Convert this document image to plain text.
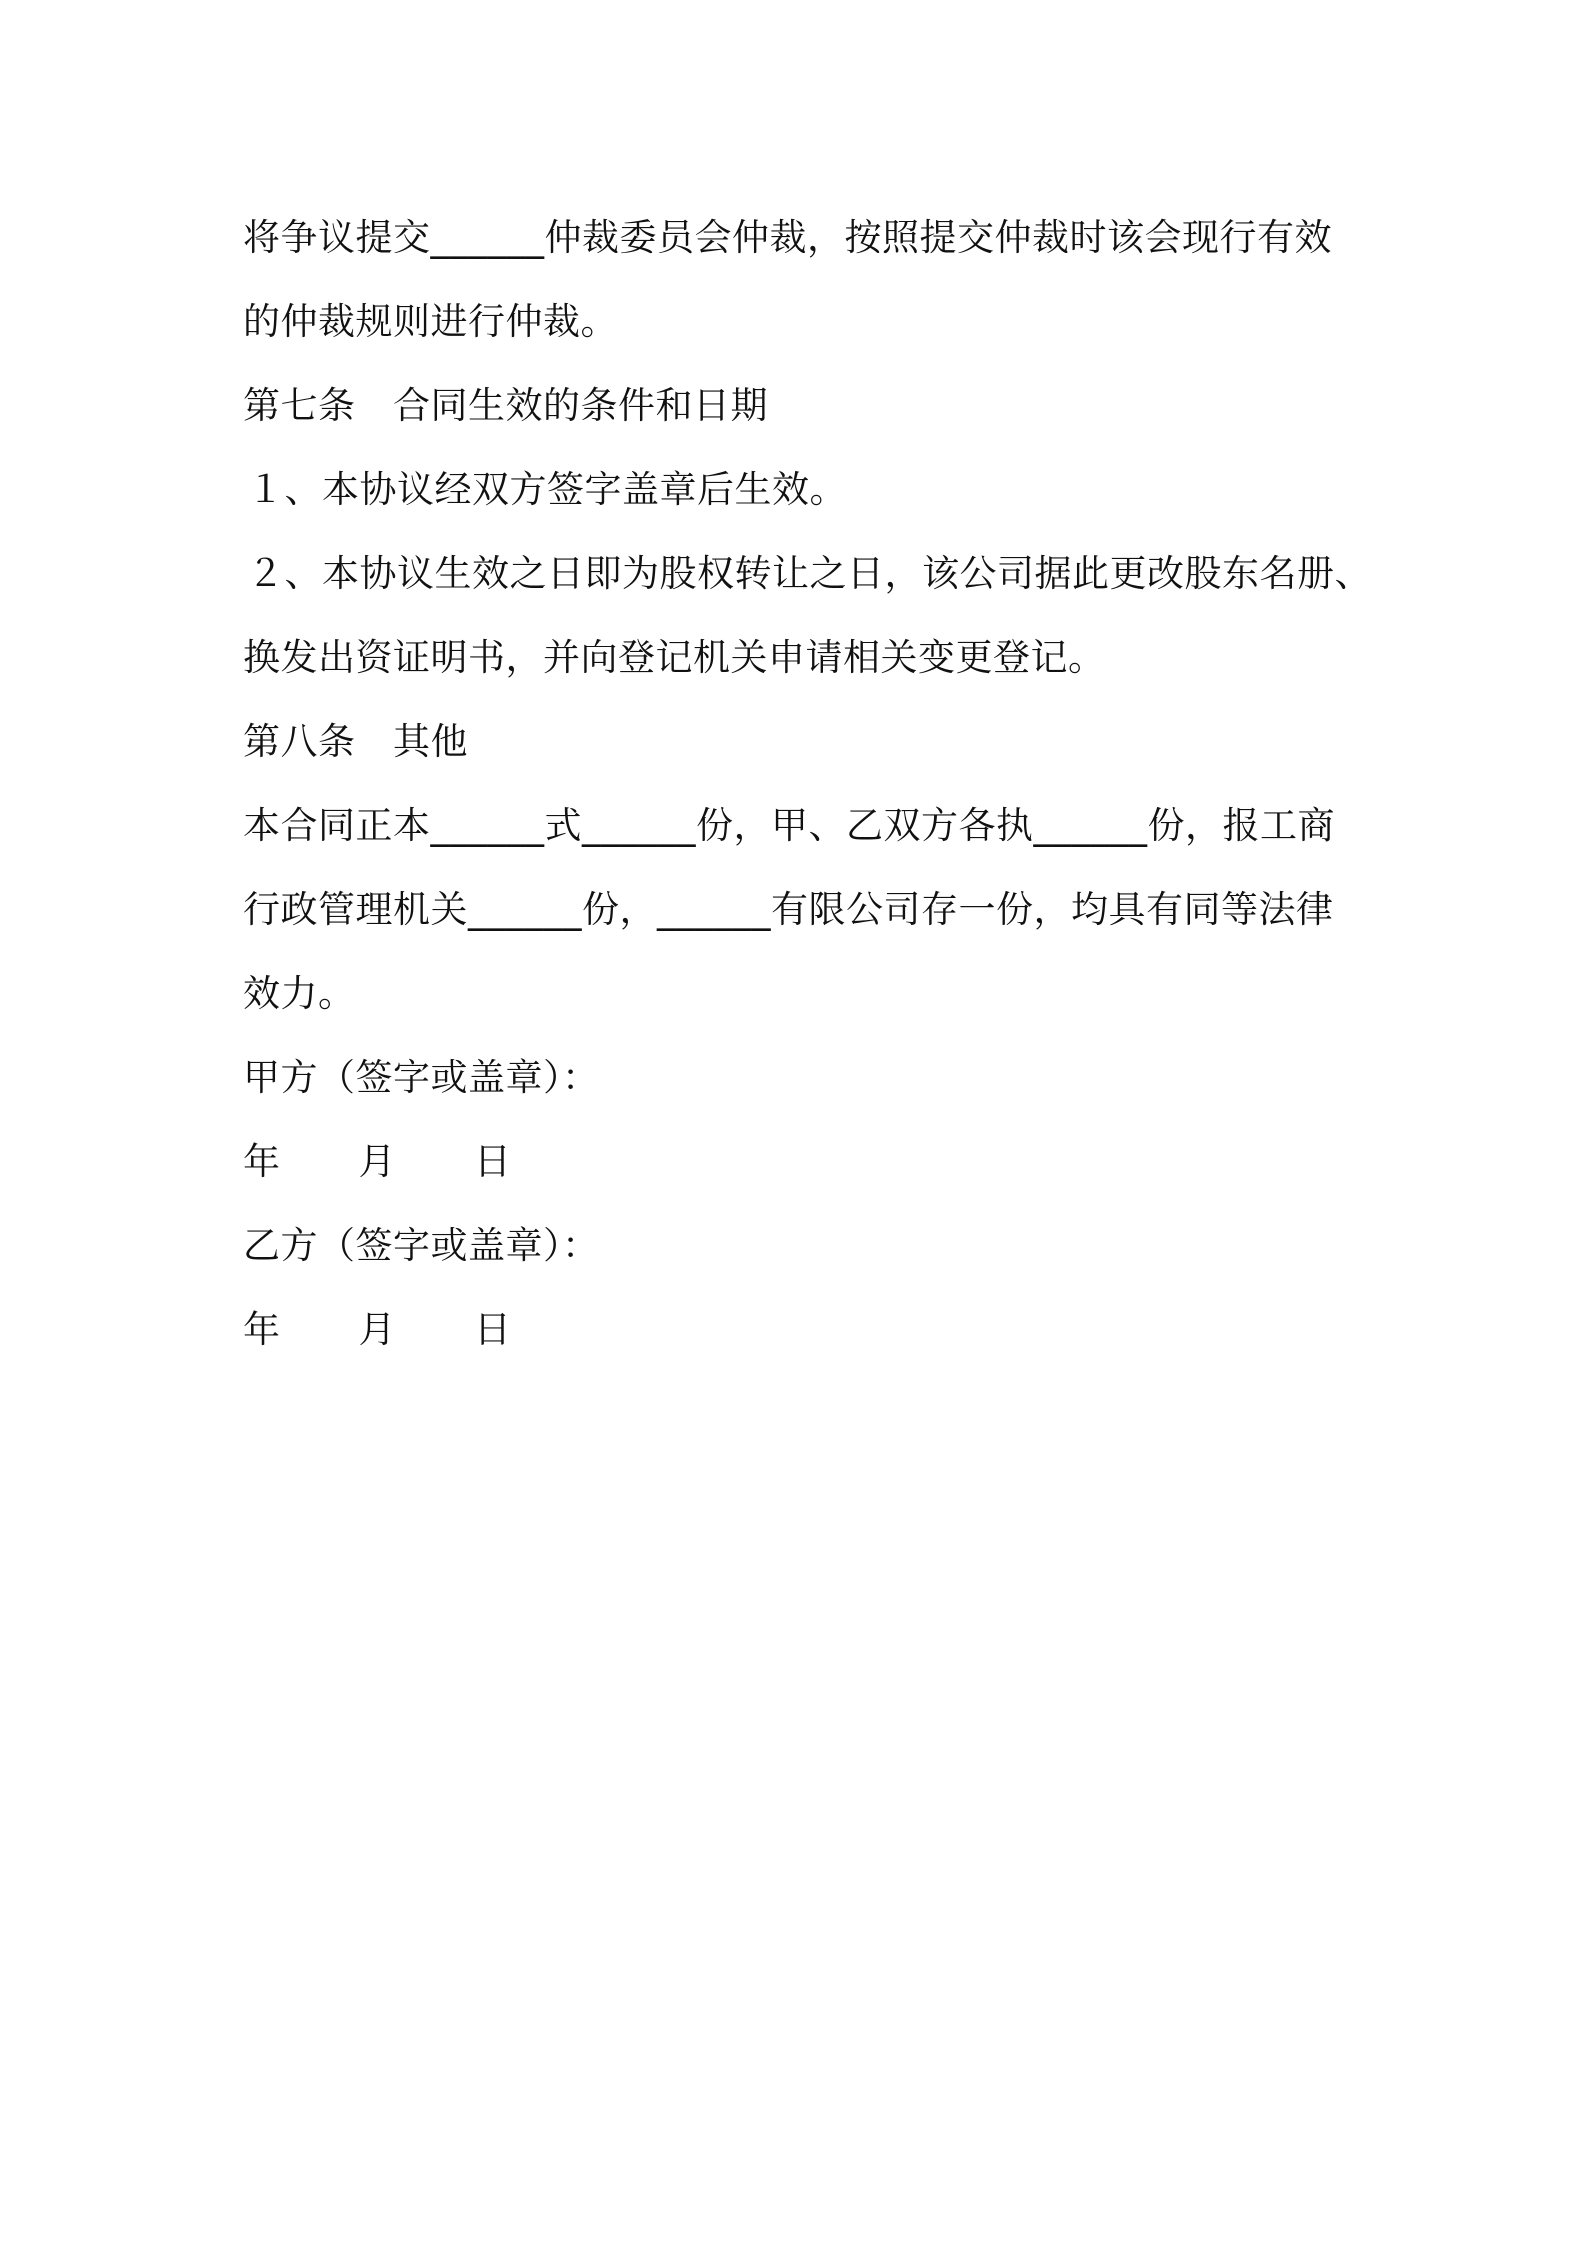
将争议提交______仲裁委员会仲裁，按照提交仲裁时该会现行有效
的仲裁规则进行仲裁。
第七条　合同生效的条件和日期
１、本协议经双方签字盖章后生效。
２、本协议生效之日即为股权转让之日，该公司据此更改股东名册、
换发出资证明书，并向登记机关申请相关变更登记。
第八条　其他
本合同正本______式______份，甲、乙双方各执______份，报工商
行政管理机关______份，______有限公司存一份，均具有同等法律
效力。
甲方（签字或盖章）：
年 月 日
乙方（签字或盖章）：
年 月 日
